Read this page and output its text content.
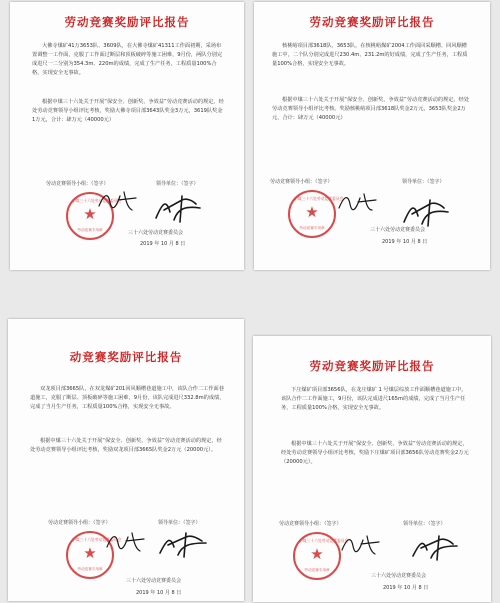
劳动竞赛奖励评比报告
大佛寺煤矿41万3653队、3609队，在大佛寺煤矿41311工作面初期，采场布置调整一工作面，克服了工作面过断层和顶板破碎等施工困难，9月份，两队分别完成进尺一二分别为354.3m、220m的成绩，完成了生产任务，工程质量100%合格，实现安全无事故。
根据中煤三十六处关于开展“保安全、创新奖、争效益”劳动竞赛活动的规定，经处劳动竞赛领导小组评比考核，奖励大佛寺项目部3643队奖金3万元，3619队奖金1万元，合计：肆万元（40000元）
劳动竞赛领导小组：（签字）	领导单位：（签字）
中煤三十六处劳动竞赛委员会
★
劳动竞赛专用章	三十六处劳动竞赛委员会
2019 年 10 月 8 日
劳动竞赛奖励评比报告
核桃峪项目部3618队、3653队，在核桃峪煤矿2004工作面回采顺槽、回风顺槽施工中，二个队分别完成进尺230.4m、231.2m的好成绩，完成了生产任务，工程质量100%合格，实现安全无事故。
根据中煤三十六处关于开展“保安全、创新奖、争效益”劳动竞赛活动的规定，经处劳动竞赛领导小组评比考核，奖励核桃峪项目部3618队奖金2万元，3653队奖金2万元，合计：肆万元（40000元）
劳动竞赛领导小组：（签字）	领导单位：（签字）
中煤三十六处劳动竞赛委员会
★
劳动竞赛专用章	三十六处劳动竞赛委员会
2019 年 10 月 8 日
动竞赛奖励评比报告
双龙项目部3665队，在双龙煤矿201回风顺槽巷道施工中，该队合作二工作面巷道施工，克服了断层、顶板破碎等施工困难，9月份，该队完成进尺332.8m的成绩，完成了当月生产任务，工程质量100%合格，实现安全无事故。
根据中煤三十六处关于开展“保安全、创新奖、争效益”劳动竞赛活动的规定，经处劳动竞赛领导小组评比考核，奖励双龙项目部3665队奖金2万元（20000元）。
劳动竞赛领导小组：（签字）	领导单位：（签字）
中煤三十六处劳动竞赛委员会
★
劳动竞赛专用章
三十六处劳动竞赛委员会
2019 年 10 月 8 日
劳动竞赛奖励评比报告
下庄煤矿项目部3656队，在龙庄煤矿 1 号煤层综放工作面顺槽巷道施工中，该队合作二工作面施工，9月份，该队完成进尺165m的成绩，完成了当月生产任务，工程质量100%合格，实现安全无事故。
根据中煤三十六处关于开展“保安全、创新奖、争效益”劳动竞赛活动的规定，经处劳动竞赛领导小组评比考核，奖励下庄煤矿项目部3656队劳动竞赛奖金2万元（20000元）。
劳动竞赛领导小组：（签字）	领导单位：（签字）
中煤三十六处劳动竞赛委员会
★
劳动竞赛专用章
三十六处劳动竞赛委员会
2019 年 10 月 8 日
